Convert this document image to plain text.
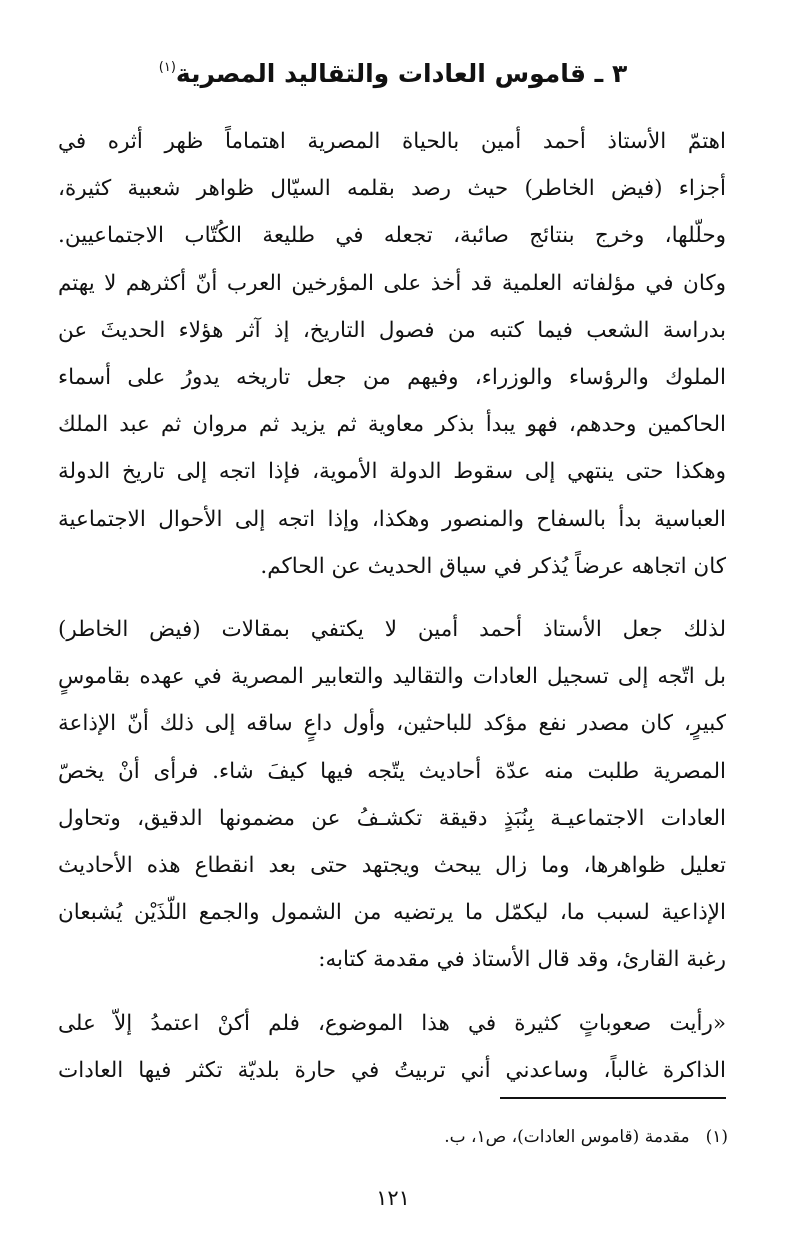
٣ ـ قاموس العادات والتقاليد المصرية$^{(١)}$
اهتمّ الأستاذ أحمد أمين بالحياة المصرية اهتماماً ظهر أثره في
أجزاء (فيض الخاطر) حيث رصد بقلمه السيّال ظواهر شعبية كثيرة،
وحلّلها، وخرج بنتائج صائبة، تجعله في طليعة الكُتّاب الاجتماعيين.
وكان في مؤلفاته العلمية قد أخذ على المؤرخين العرب أنّ أكثرهم لا يهتم
بدراسة الشعب فيما كتبه من فصول التاريخ، إذ آثر هؤلاء الحديثَ عن
الملوك والرؤساء والوزراء، وفيهم من جعل تاريخه يدورُ على أسماء
الحاكمين وحدهم، فهو يبدأ بذكر معاوية ثم يزيد ثم مروان ثم عبد الملك
وهكذا حتى ينتهي إلى سقوط الدولة الأموية، فإذا اتجه إلى تاريخ الدولة
العباسية بدأ بالسفاح والمنصور وهكذا، وإذا اتجه إلى الأحوال الاجتماعية
كان اتجاهه عرضاً يُذكر في سياق الحديث عن الحاكم.
لذلك جعل الأستاذ أحمد أمين لا يكتفي بمقالات (فيض الخاطر)
بل اتّجه إلى تسجيل العادات والتقاليد والتعابير المصرية في عهده بقاموسٍ
كبيرٍ، كان مصدر نفع مؤكد للباحثين، وأول داعٍ ساقه إلى ذلك أنّ الإذاعة
المصرية طلبت منه عدّة أحاديث يتّجه فيها كيفَ شاء. فرأى أنْ يخصّ
العادات الاجتماعيـة بِنُبَذٍ دقيقة تكشـفُ عن مضمونها الدقيق، وتحاول
تعليل ظواهرها، وما زال يبحث ويجتهد حتى بعد انقطاع هذه الأحاديث
الإذاعية لسبب ما، ليكمّل ما يرتضيه من الشمول والجمع اللّذَيْن يُشبعان
رغبة القارئ، وقد قال الأستاذ في مقدمة كتابه:
«رأيت صعوباتٍ كثيرة في هذا الموضوع، فلم أكنْ اعتمدُ إلاّ على
الذاكرة غالباً، وساعدني أني تربيتُ في حارة بلديّة تكثر فيها العادات
(١)مقدمة (قاموس العادات)، ص١، ب.
١٢١
